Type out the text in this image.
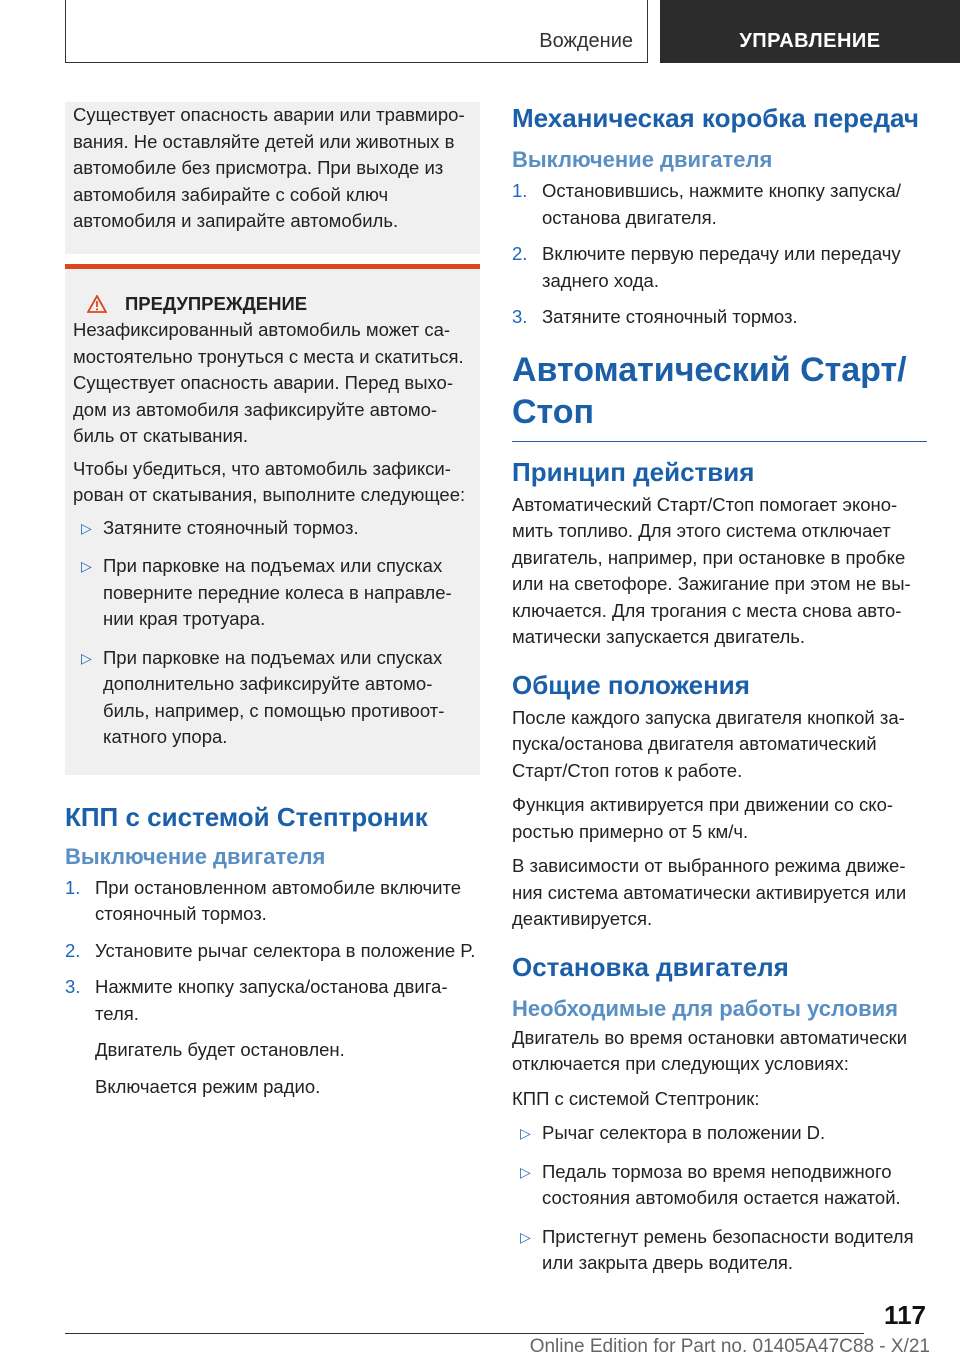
Вождение	УПРАВЛЕНИЕ

Существует опасность аварии или травмиро-вания. Не оставляйте детей или животных в автомобиле без присмотра. При выходе из автомобиля забирайте с собой ключ автомобиля и запирайте автомобиль.

ПРЕДУПРЕЖДЕНИЕ

Незафиксированный автомобиль может са-мостоятельно тронуться с места и скатиться. Существует опасность аварии. Перед выхо-дом из автомобиля зафиксируйте автомо-биль от скатывания.

Чтобы убедиться, что автомобиль зафикси-рован от скатывания, выполните следующее:

▷ Затяните стояночный тормоз.
▷ При парковке на подъемах или спусках поверните передние колеса в направле-нии края тротуара.
▷ При парковке на подъемах или спусках дополнительно зафиксируйте автомо-биль, например, с помощью противоот-катного упора.
КПП с системой Стептроник
Выключение двигателя
1. При остановленном автомобиле включите стояночный тормоз.
2. Установите рычаг селектора в положение P.
3. Нажмите кнопку запуска/останова двига-теля.

Двигатель будет остановлен.

Включается режим радио.

Механическая коробка передач
Выключение двигателя
1. Остановившись, нажмите кнопку запуска/останова двигателя.
2. Включите первую передачу или передачу заднего хода.
3. Затяните стояночный тормоз.
Автоматический Старт/Стоп
Принцип действия

Автоматический Старт/Стоп помогает эконо-мить топливо. Для этого система отключает двигатель, например, при остановке в пробке или на светофоре. Зажигание при этом не вы-ключается. Для трогания с места снова авто-матически запускается двигатель.

Общие положения

После каждого запуска двигателя кнопкой за-пуска/останова двигателя автоматический Старт/Стоп готов к работе.

Функция активируется при движении со ско-ростью примерно от 5 км/ч.

В зависимости от выбранного режима движе-ния система автоматически активируется или деактивируется.

Остановка двигателя
Необходимые для работы условия

Двигатель во время остановки автоматически отключается при следующих условиях:

КПП с системой Стептроник:

▷ Рычаг селектора в положении D.
▷ Педаль тормоза во время неподвижного состояния автомобиля остается нажатой.
▷ Пристегнут ремень безопасности водителя или закрыта дверь водителя.
117
Online Edition for Part no. 01405A47C88 - X/21
